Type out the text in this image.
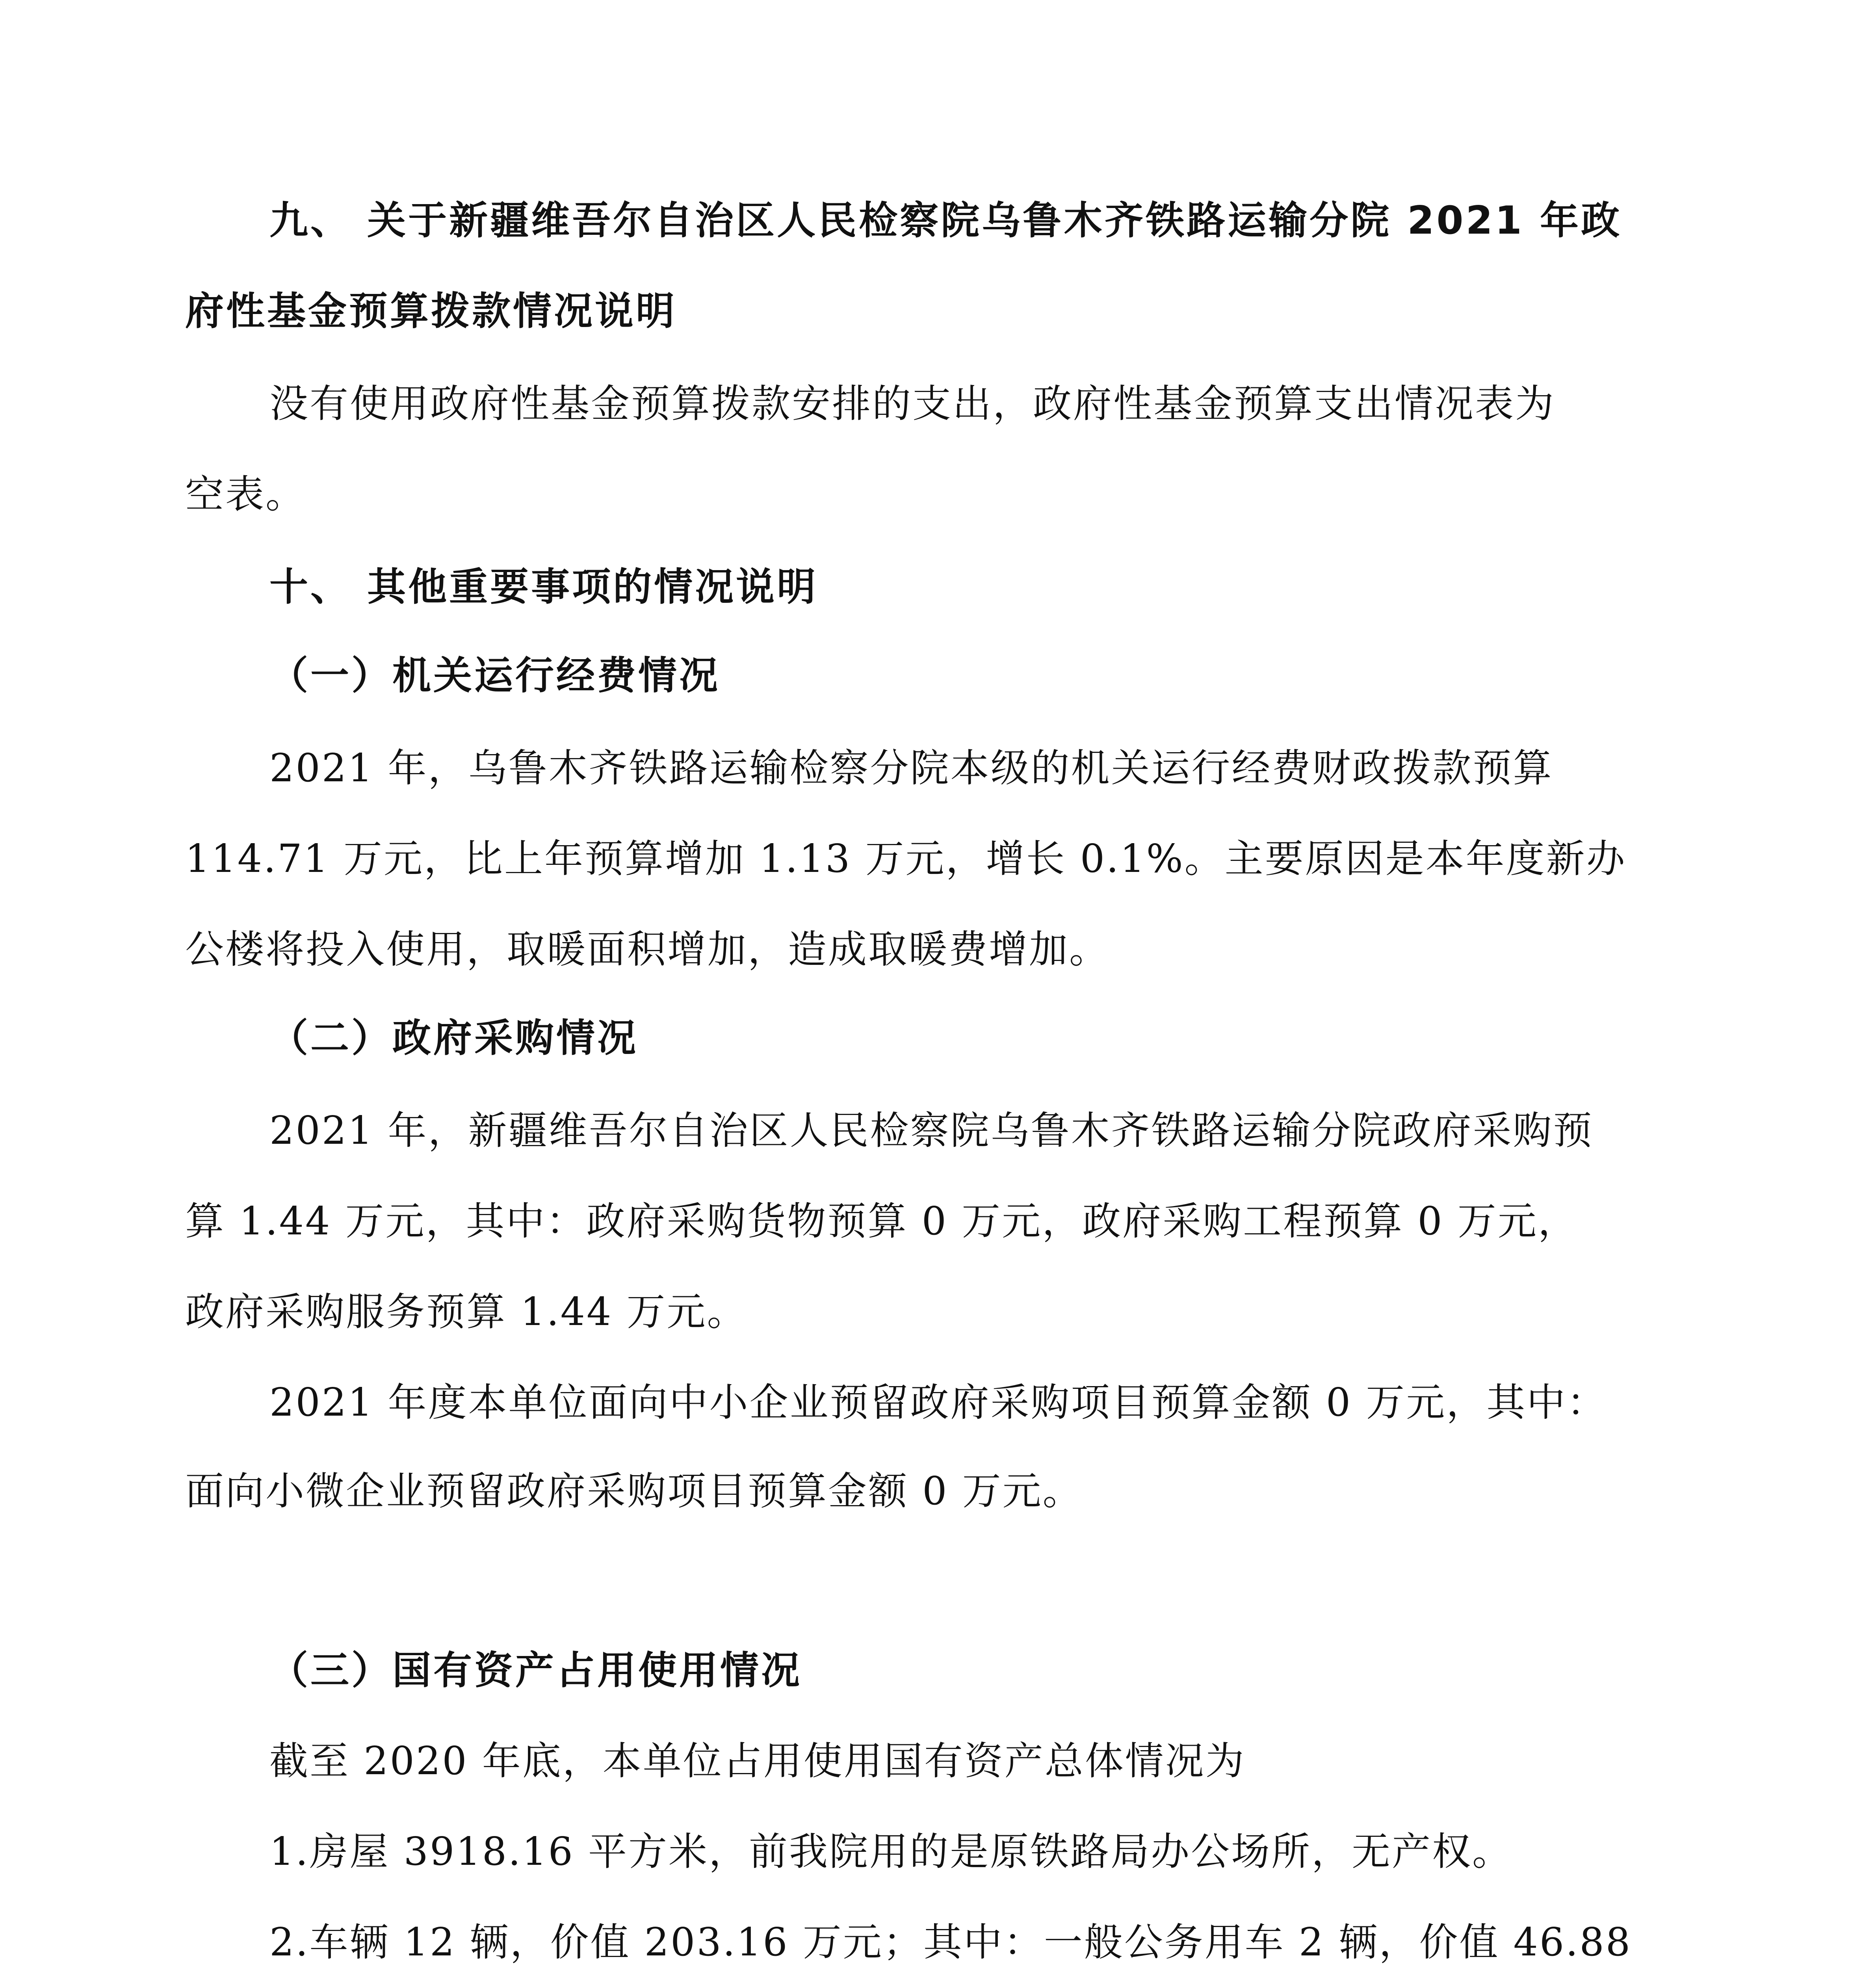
九、 关于新疆维吾尔自治区人民检察院乌鲁木齐铁路运输分院 2021 年政
府性基金预算拨款情况说明
没有使用政府性基金预算拨款安排的支出，政府性基金预算支出情况表为
空表。
十、 其他重要事项的情况说明
（一）机关运行经费情况
2021 年，乌鲁木齐铁路运输检察分院本级的机关运行经费财政拨款预算
114.71 万元，比上年预算增加 1.13 万元，增长 0.1%。主要原因是本年度新办
公楼将投入使用，取暖面积增加，造成取暖费增加。
（二）政府采购情况
2021 年，新疆维吾尔自治区人民检察院乌鲁木齐铁路运输分院政府采购预
算 1.44 万元，其中：政府采购货物预算 0 万元，政府采购工程预算 0 万元，
政府采购服务预算 1.44 万元。
2021 年度本单位面向中小企业预留政府采购项目预算金额 0 万元，其中：
面向小微企业预留政府采购项目预算金额 0 万元。
（三）国有资产占用使用情况
截至 2020 年底，本单位占用使用国有资产总体情况为
1.房屋 3918.16 平方米，前我院用的是原铁路局办公场所，无产权。
2.车辆 12 辆，价值 203.16 万元；其中：一般公务用车 2 辆，价值 46.88
